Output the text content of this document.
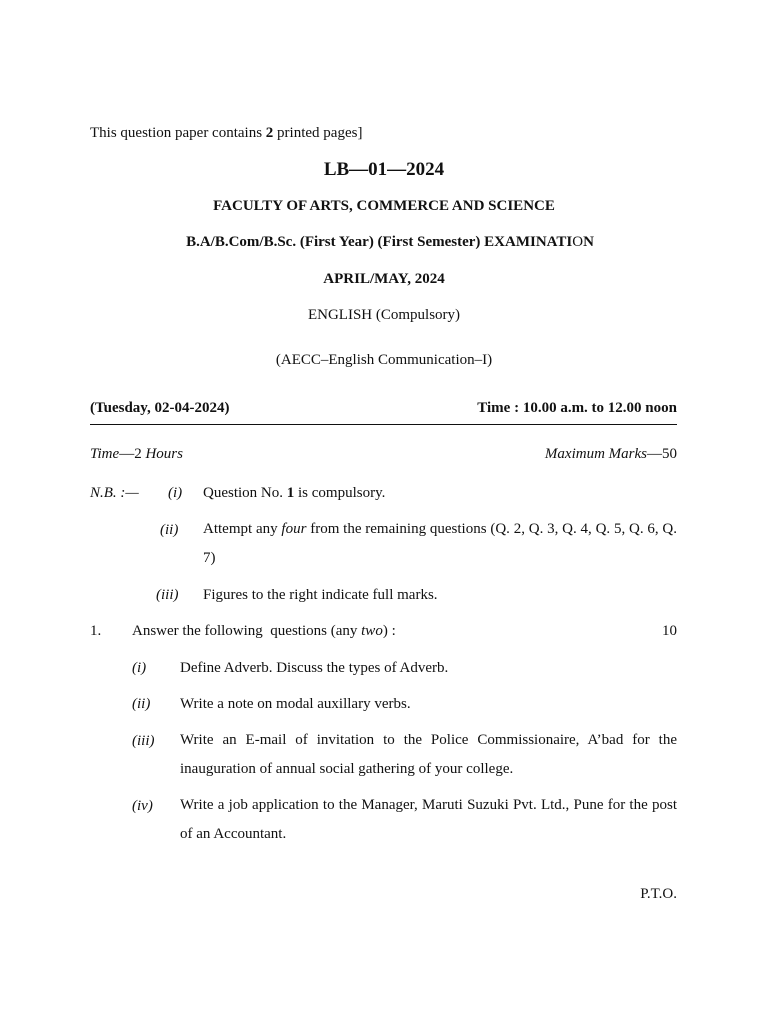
This question paper contains 2 printed pages]
LB—01—2024
FACULTY OF ARTS, COMMERCE AND SCIENCE
B.A/B.Com/B.Sc. (First Year) (First Semester) EXAMINATION
APRIL/MAY, 2024
ENGLISH (Compulsory)
(AECC–English Communication–I)
(Tuesday, 02-04-2024)	Time : 10.00 a.m. to 12.00 noon
Time—2 Hours	Maximum Marks—50
N.B. :— (i) Question No. 1 is compulsory.
(ii) Attempt any four from the remaining questions (Q. 2, Q. 3, Q. 4, Q. 5, Q. 6, Q. 7)
(iii) Figures to the right indicate full marks.
1. Answer the following  questions (any two) :	10
(i) Define Adverb. Discuss the types of Adverb.
(ii) Write a note on modal auxillary verbs.
(iii) Write an E-mail of invitation to the Police Commissionaire, A’bad for the inauguration of annual social gathering of your college.
(iv) Write a job application to the Manager, Maruti Suzuki Pvt. Ltd., Pune for the post of an Accountant.
P.T.O.
